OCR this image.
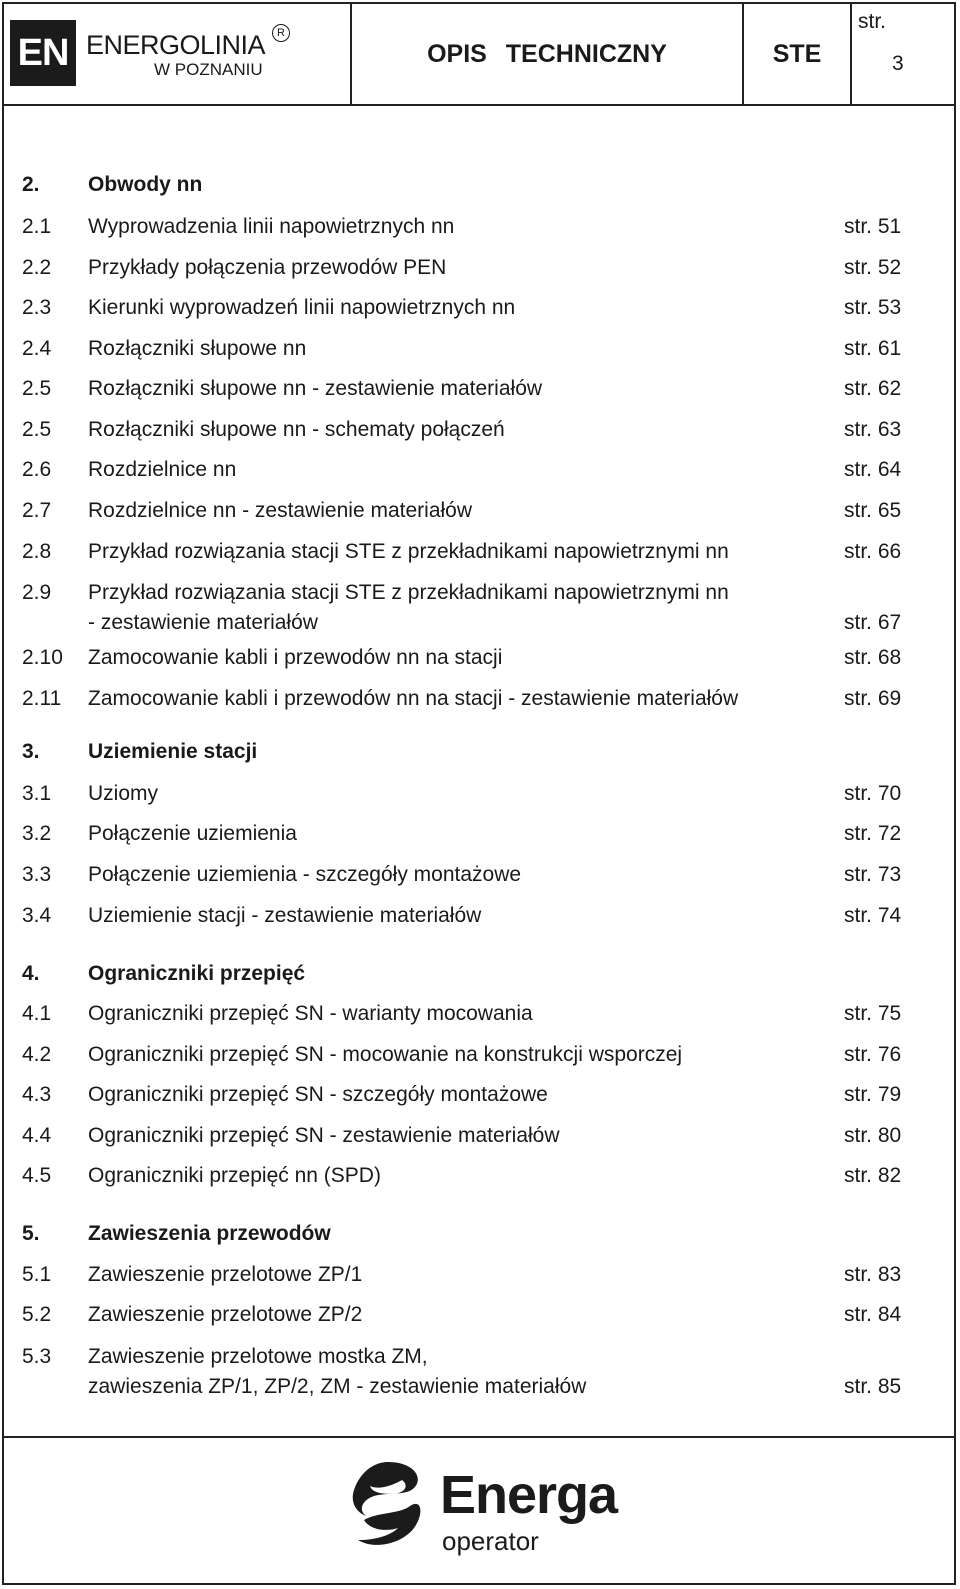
EN ENERGOLINIA	R
W POZNANIU
OPIS TECHNICZNY	STE
str.
3
2. Obwody nn
2.1 Wyprowadzenia linii napowietrznych nn	str. 51
2.2 Przykłady połączenia przewodów PEN	str. 52
2.3 Kierunki wyprowadzeń linii napowietrznych nn	str. 53
2.4 Rozłączniki słupowe nn	str. 61
2.5 Rozłączniki słupowe nn - zestawienie materiałów	str. 62
2.5 Rozłączniki słupowe nn - schematy połączeń	str. 63
2.6 Rozdzielnice nn	str. 64
2.7 Rozdzielnice nn - zestawienie materiałów	str. 65
2.8 Przykład rozwiązania stacji STE z przekładnikami napowietrznymi nn	str. 66
2.9 Przykład rozwiązania stacji STE z przekładnikami napowietrznymi nn
- zestawienie materiałów	str. 67
2.10 Zamocowanie kabli i przewodów nn na stacji	str. 68
2.11 Zamocowanie kabli i przewodów nn na stacji - zestawienie materiałów	str. 69
3. Uziemienie stacji
3.1 Uziomy	str. 70
3.2 Połączenie uziemienia	str. 72
3.3 Połączenie uziemienia - szczegóły montażowe	str. 73
3.4 Uziemienie stacji - zestawienie materiałów	str. 74
4. Ograniczniki przepięć
4.1 Ograniczniki przepięć SN - warianty mocowania	str. 75
4.2 Ograniczniki przepięć SN - mocowanie na konstrukcji wsporczej	str. 76
4.3 Ograniczniki przepięć SN - szczegóły montażowe	str. 79
4.4 Ograniczniki przepięć SN - zestawienie materiałów	str. 80
4.5 Ograniczniki przepięć nn (SPD)	str. 82
5. Zawieszenia przewodów
5.1 Zawieszenie przelotowe ZP/1	str. 83
5.2 Zawieszenie przelotowe ZP/2	str. 84
5.3 Zawieszenie przelotowe mostka ZM,
zawieszenia ZP/1, ZP/2, ZM - zestawienie materiałów	str. 85
Energa
operator
